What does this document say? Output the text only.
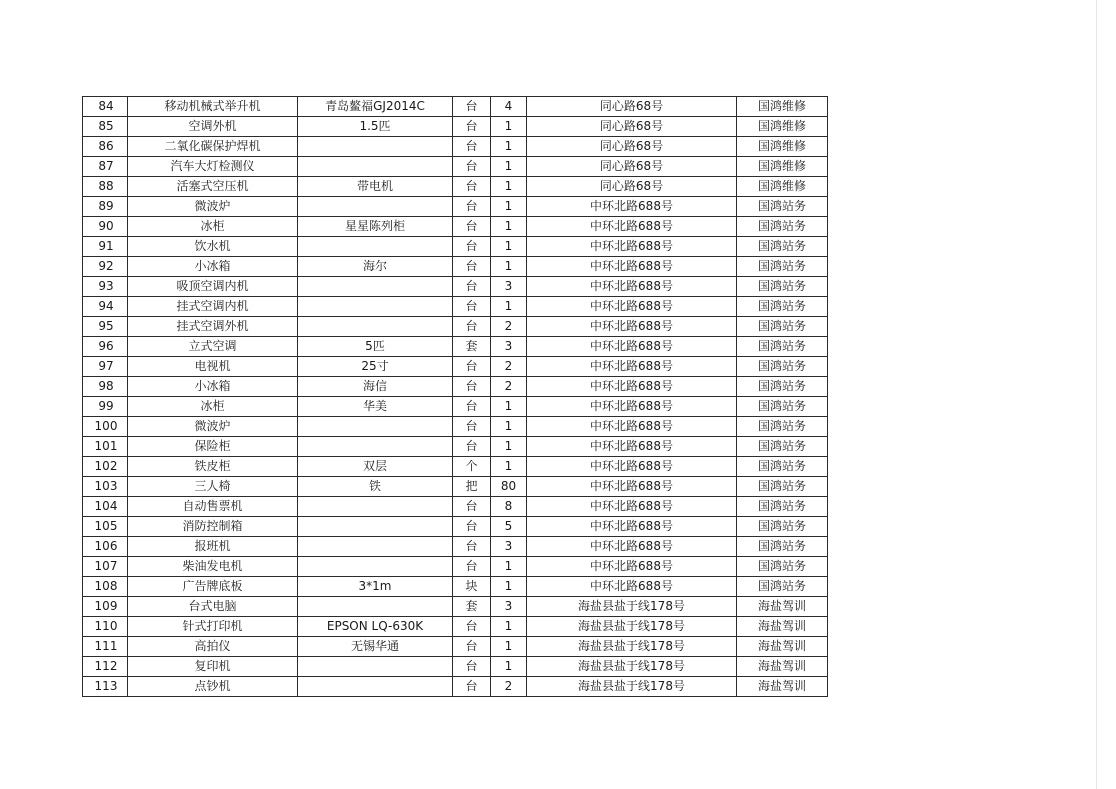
84	移动机械式举升机	青岛鳌福GJ2014C	台	4	同心路68号	国鸿维修
85	空调外机	1.5匹	台	1	同心路68号	国鸿维修
86	二氧化碳保护焊机		台	1	同心路68号	国鸿维修
87	汽车大灯检测仪		台	1	同心路68号	国鸿维修
88	活塞式空压机	带电机	台	1	同心路68号	国鸿维修
89	微波炉		台	1	中环北路688号	国鸿站务
90	冰柜	星星陈列柜	台	1	中环北路688号	国鸿站务
91	饮水机		台	1	中环北路688号	国鸿站务
92	小冰箱	海尔	台	1	中环北路688号	国鸿站务
93	吸顶空调内机		台	3	中环北路688号	国鸿站务
94	挂式空调内机		台	1	中环北路688号	国鸿站务
95	挂式空调外机		台	2	中环北路688号	国鸿站务
96	立式空调	5匹	套	3	中环北路688号	国鸿站务
97	电视机	25寸	台	2	中环北路688号	国鸿站务
98	小冰箱	海信	台	2	中环北路688号	国鸿站务
99	冰柜	华美	台	1	中环北路688号	国鸿站务
100	微波炉		台	1	中环北路688号	国鸿站务
101	保险柜		台	1	中环北路688号	国鸿站务
102	铁皮柜	双层	个	1	中环北路688号	国鸿站务
103	三人椅	铁	把	80	中环北路688号	国鸿站务
104	自动售票机		台	8	中环北路688号	国鸿站务
105	消防控制箱		台	5	中环北路688号	国鸿站务
106	报班机		台	3	中环北路688号	国鸿站务
107	柴油发电机		台	1	中环北路688号	国鸿站务
108	广告牌底板	3*1m	块	1	中环北路688号	国鸿站务
109	台式电脑		套	3	海盐县盐于线178号	海盐驾训
110	针式打印机	EPSON LQ-630K	台	1	海盐县盐于线178号	海盐驾训
111	高拍仪	无锡华通	台	1	海盐县盐于线178号	海盐驾训
112	复印机		台	1	海盐县盐于线178号	海盐驾训
113	点钞机		台	2	海盐县盐于线178号	海盐驾训
